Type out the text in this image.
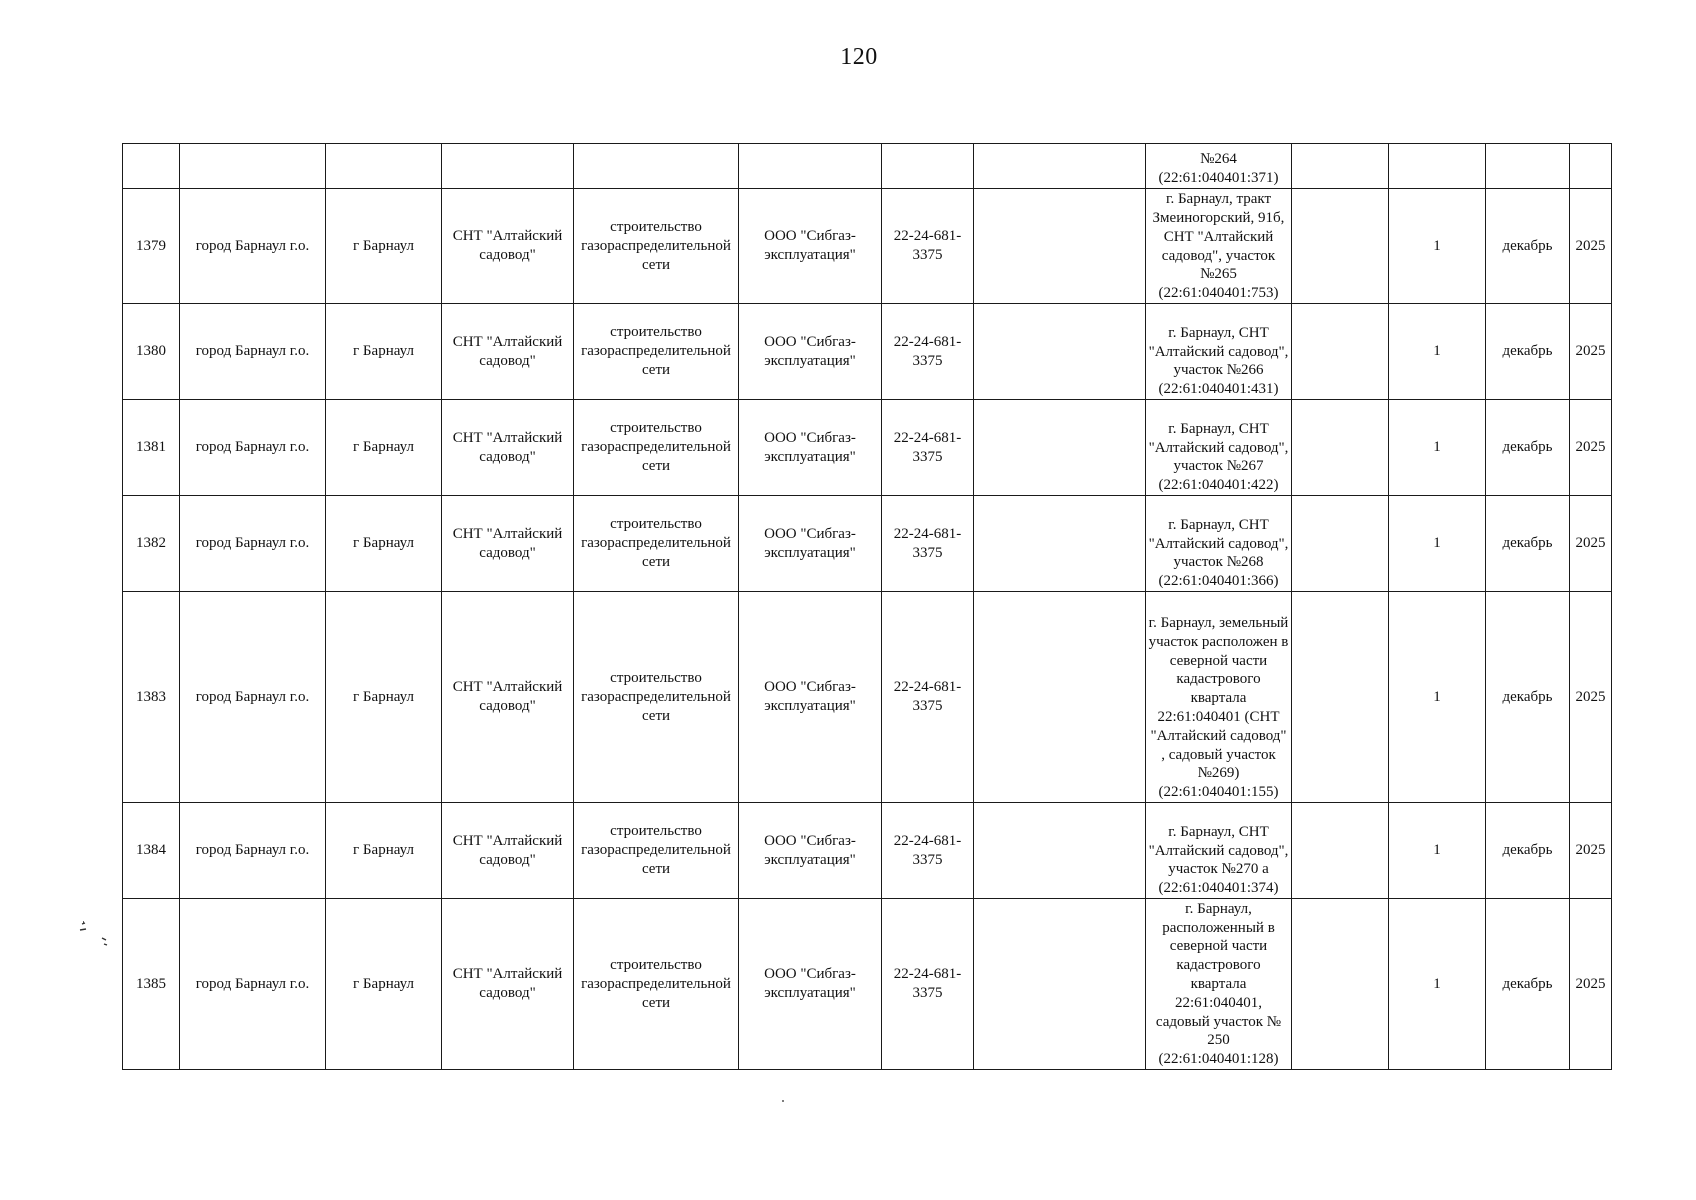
120
								№264
(22:61:040401:371)				
1379	город Барнаул г.о.	г Барнаул	СНТ "Алтайский садовод"	строительство газораспределительной сети	ООО "Сибгаз-эксплуатация"	22-24-681-3375		г. Барнаул, тракт Змеиногорский, 91б, СНТ "Алтайский садовод", участок №265 (22:61:040401:753)		1	декабрь	2025
1380	город Барнаул г.о.	г Барнаул	СНТ "Алтайский садовод"	строительство газораспределительной сети	ООО "Сибгаз-эксплуатация"	22-24-681-3375		г. Барнаул, СНТ "Алтайский садовод", участок №266 (22:61:040401:431)		1	декабрь	2025
1381	город Барнаул г.о.	г Барнаул	СНТ "Алтайский садовод"	строительство газораспределительной сети	ООО "Сибгаз-эксплуатация"	22-24-681-3375		г. Барнаул, СНТ "Алтайский садовод", участок №267 (22:61:040401:422)		1	декабрь	2025
1382	город Барнаул г.о.	г Барнаул	СНТ "Алтайский садовод"	строительство газораспределительной сети	ООО "Сибгаз-эксплуатация"	22-24-681-3375		г. Барнаул, СНТ "Алтайский садовод", участок №268 (22:61:040401:366)		1	декабрь	2025
1383	город Барнаул г.о.	г Барнаул	СНТ "Алтайский садовод"	строительство газораспределительной сети	ООО "Сибгаз-эксплуатация"	22-24-681-3375		г. Барнаул, земельный участок расположен в северной части кадастрового квартала 22:61:040401 (СНТ "Алтайский садовод" , садовый участок №269) (22:61:040401:155)		1	декабрь	2025
1384	город Барнаул г.о.	г Барнаул	СНТ "Алтайский садовод"	строительство газораспределительной сети	ООО "Сибгаз-эксплуатация"	22-24-681-3375		г. Барнаул, СНТ "Алтайский садовод", участок №270 а (22:61:040401:374)		1	декабрь	2025
1385	город Барнаул г.о.	г Барнаул	СНТ "Алтайский садовод"	строительство газораспределительной сети	ООО "Сибгаз-эксплуатация"	22-24-681-3375		г. Барнаул, расположенный в северной части кадастрового квартала 22:61:040401, садовый участок № 250 (22:61:040401:128)		1	декабрь	2025
